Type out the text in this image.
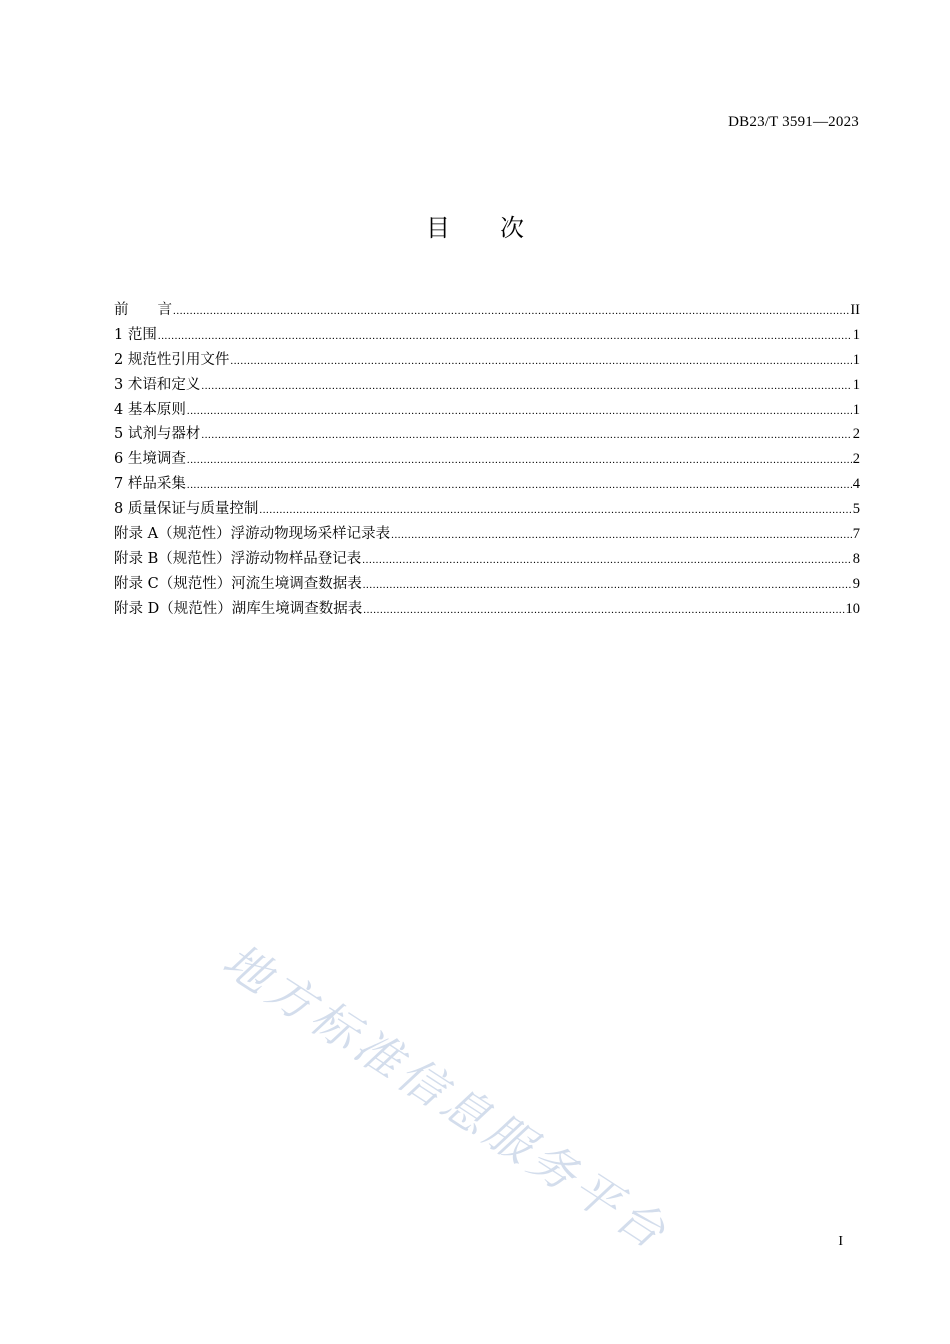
DB23/T 3591—2023
目 次
前　　言 .....	II
1 范围 .....	1
2 规范性引用文件 .....	1
3 术语和定义 .....	1
4 基本原则 .....	1
5 试剂与器材 .....	2
6 生境调查 .....	2
7 样品采集 .....	4
8 质量保证与质量控制 .....	5
附录 A（规范性）浮游动物现场采样记录表 .....	7
附录 B（规范性）浮游动物样品登记表 .....	8
附录 C（规范性）河流生境调查数据表 .....	9
附录 D（规范性）湖库生境调查数据表 .....	10
地方标准信息服务平台	I
